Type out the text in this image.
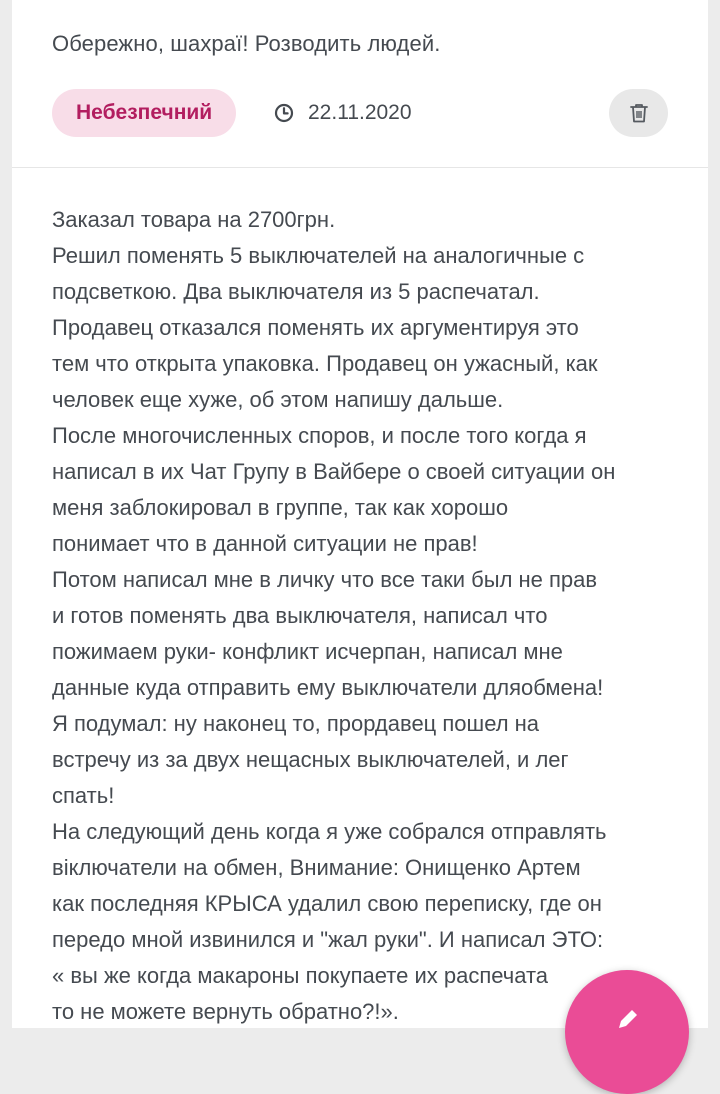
Обережно, шахраї! Розводить людей.
Небезпечний	22.11.2020
Заказал товара на 2700грн.
Решил поменять 5 выключателей на аналогичные с
подсветкою. Два выключателя из 5 распечатал.
Продавец отказался поменять их аргументируя это
тем что открыта упаковка. Продавец он ужасный, как
человек еще хуже, об этом напишу дальше.
После многочисленных споров, и после того когда я
написал в их Чат Групу в Вайбере о своей ситуации он
меня заблокировал в группе, так как хорошо
понимает что в данной ситуации не прав!
Потом написал мне в личку что все таки был не прав
и готов поменять два выключателя, написал что
пожимаем руки- конфликт исчерпан, написал мне
данные куда отправить ему выключатели дляобмена!
Я подумал: ну наконец то, прордавец пошел на
встречу из за двух нещасных выключателей, и лег
спать!
На следующий день когда я уже собрался отправлять
віключатели на обмен, Внимание: Онищенко Артем
как последняя КРЫСА удалил свою переписку, где он
передо мной извинился и "жал руки". И написал ЭТО:
« вы же когда макароны покупаете их распечата
то не можете вернуть обратно?!».
